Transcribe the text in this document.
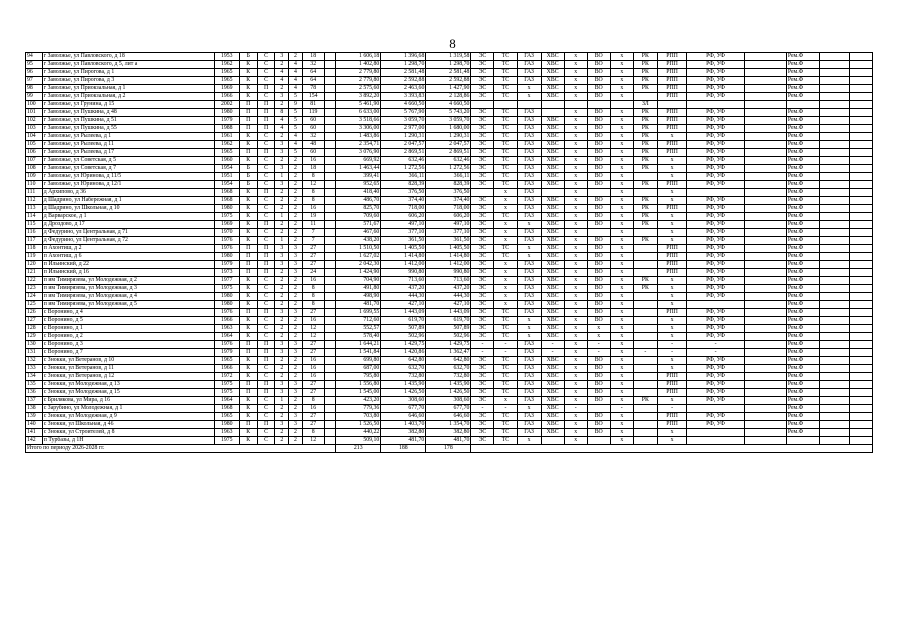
8
94	г Заволжье, ул Павловского, д 18	1953	Б	С	3	2	18		1 606,18	1 396,68	1 319,58	ЭС	ТС	ГАЗ	ХВС	х	ВО	х	РК	РПП	РФ, УФ		Рем.Ф		
95	г Заволжье, ул Павловского, д 5, лит а	1962	К	С	2	4	32		1 402,80	1 298,70	1 298,70	ЭС	ТС	ГАЗ	ХВС	х	ВО	х	РК	РПП	РФ, УФ		Рем.Ф		
96	г Заволжье, ул Пирогова, д 1	1965	К	С	4	4	64		2 779,80	2 581,48	2 581,48	ЭС	ТС	ГАЗ	ХВС	х	ВО	х	РК	РПП	РФ, УФ		Рем.Ф		
97	г Заволжье, ул Пирогова, д 3	1965	К	С	4	4	64		2 779,80	2 592,88	2 592,88	ЭС	ТС	ГАЗ	ХВС	х	ВО	х	РК	РПП	РФ, УФ		Рем.Ф		
98	г Заволжье, ул Приокзальная, д 1	1969	К	П	2	4	78		2 575,60	2 463,60	1 427,90	ЭС	ТС	х	ХВС	х	ВО	х	РК	РПП	РФ, УФ		Рем.Ф		
99	г Заволжье, ул Приокзальная, д 2	1966	К	С	3	5	154		3 892,20	3 393,83	2 128,86	ЭС	ТС	х	ХВС	х	ВО	х		РПП	РФ, УФ		Рем.Ф		
100	г Заволжье, ул Грунина, д 15	2002	П	П	2	9	81		5 461,90	4 660,50	4 660,50								ЗЛ						
101	г Заволжье, ул Пушкина, д 48	1980	П	П	8	5	119		6 633,00	5 767,90	5 743,20	ЭС	ТС	ГАЗ		х	ВО	х	РК	РПП	РФ, УФ		Рем.Ф		
102	г Заволжье, ул Пушкина, д 51	1979	П	П	4	5	60		3 518,66	3 059,70	3 059,70	ЭС	ТС	ГАЗ	ХВС	х	ВО	х	РК	РПП	РФ, УФ		Рем.Ф		
103	г Заволжье, ул Пушкина, д 55	1988	П	П	4	5	60		3 306,00	2 977,00	1 680,00	ЭС	ТС	ГАЗ	ХВС	х	ВО	х	РК	РПП	РФ, УФ		Рем.Ф		
104	г Заволжье, ул Рылеева, д 1	1961	К	С	2	4	32		1 483,86	1 290,31	1 290,31	ЭС	ТС	ГАЗ	ХВС	х	ВО	х	РК	х	РФ, УФ		Рем.Ф		
105	г Заволжье, ул Рылеева, д 11	1962	К	С	3	4	48		2 354,71	2 047,57	2 047,57	ЭС	ТС	ГАЗ	ХВС	х	ВО	х	РК	РПП	РФ, УФ		Рем.Ф		
106	г Заволжье, ул Рылеева, д 17	1965	П	П	3	5	60		3 076,90	2 869,51	2 869,51	ЭС	ТС	ГАЗ	ХВС	х	ВО	х	РК	РПП	РФ, УФ		Рем.Ф		
107	г Заволжье, ул Советская, д 5	1960	К	С	2	2	16		669,92	632,46	632,46	ЭС	ТС	ГАЗ	ХВС	х	ВО	х	РК	х	РФ, УФ		Рем.Ф		
108	г Заволжье, ул Советская, д 7	1954	Б	С	3	2	18		1 463,44	1 272,56	1 272,56	ЭС	ТС	ГАЗ	ХВС	х	ВО	х	РК	х	РФ, УФ		Рем.Ф		
109	г Заволжье, ул Юринова, д 11/5	1951	Б	С	1	2	8		399,41	366,11	366,11	ЭС	ТС	ГАЗ	ХВС	х	ВО	х		х	РФ, УФ		Рем.Ф		
110	г Заволжье, ул Юринова, д 12/1	1954	Б	С	3	2	12		952,65	828,39	828,39	ЭС	ТС	ГАЗ	ХВС	х	ВО	х	РК	РПП	РФ, УФ		Рем.Ф		
111	д Архипово, д 36	1968	К	П	2	2	8		418,40	376,50	376,50		х	ГАЗ		х		х		х			Рем.Ф		
112	д Шадрино, ул Набережная, д 1	1968	К	С	2	2	8		486,70	374,40	374,40	ЭС	х	ГАЗ	ХВС	х	ВО	х	РК	х	РФ, УФ		Рем.Ф		
113	д Шадрино, ул Школьная, д 10	1980	К	С	2	2	16		825,70	718,00	718,00	ЭС	х	ГАЗ	ХВС	х	ВО	х	РК	РПП	РФ, УФ		Рем.Ф		
114	д Варварское, д 1	1975	К	С	1	2	19		709,60	606,20	606,20	ЭС	ТС	ГАЗ	ХВС	х	ВО	х	РК	х	РФ, УФ		Рем.Ф		
115	д Дроздово, д 17	1969	К	П	2	2	11		571,67	497,10	497,10	ЭС	х	х	ХВС	х	ВО	х	РК	х	РФ, УФ		Рем.Ф		
116	д Федурино, ул Центральная, д 71	1970	К	С	2	2	7		467,60	377,10	377,10	ЭС	х	ГАЗ	ХВС	х		х		х	РФ, УФ		Рем.Ф		
117	д Федурино, ул Центральная, д 72	1976	К	С	1	2	7		438,20	361,50	361,50	ЭС	х	ГАЗ	ХВС	х	ВО	х	РК	х	РФ, УФ		Рем.Ф		
118	п Ахонтиш, д 2	1976	П	П	3	3	27		1 510,50	1 405,50	1 405,50	ЭС	ТС	х	ХВС	х	ВО	х		РПП	РФ, УФ		Рем.Ф		
119	п Ахонтиш, д 6	1980	П	П	3	3	27		1 627,02	1 414,80	1 414,80	ЭС	ТС	х	ХВС	х	ВО	х		РПП	РФ, УФ		Рем.Ф		
120	п Ильинский, д 22	1979	П	П	3	3	27		2 042,30	1 412,00	1 412,00	ЭС	х	ГАЗ	ХВС	х	ВО	х		РПП	РФ, УФ		Рем.Ф		
121	п Ильинский, д 16	1973	П	П	2	3	24		1 424,90	990,80	990,80	ЭС	х	ГАЗ	ХВС	х	ВО	х		РПП	РФ, УФ		Рем.Ф		
122	п им Тимирязева, ул Молодежная, д 2	1977	К	С	2	2	16		704,90	713,60	713,60	ЭС	х	ГАЗ	ХВС	х	ВО	х	РК	х	РФ, УФ		Рем.Ф		
123	п им Тимирязева, ул Молодежная, д 3	1975	К	С	2	2	8		491,80	437,20	437,20	ЭС	х	ГАЗ	ХВС	х	ВО	х	РК	х	РФ, УФ		Рем.Ф		
124	п им Тимирязева, ул Молодежная, д 4	1980	К	С	2	2	8		498,90	444,30	444,30	ЭС	х	ГАЗ	ХВС	х	ВО	х		х	РФ, УФ		Рем.Ф		
125	п им Тимирязева, ул Молодежная, д 5	1980	К	С	2	2	8		481,70	427,10	427,10	ЭС	х	ГАЗ	ХВС	х	ВО	х		х			Рем.Ф		
126	с Воронино, д 4	1976	П	П	3	3	27		1 699,55	1 443,09	1 443,09	ЭС	ТС	ГАЗ	ХВС	х	ВО	х		РПП	РФ, УФ		Рем.Ф		
127	с Воронино, д 5	1966	К	С	2	2	16		712,60	619,70	619,70	ЭС	ТС	х	ХВС	х	ВО	х		х	РФ, УФ		Рем.Ф		
128	с Воронино, д 1	1963	К	С	2	2	12		552,57	507,89	507,89	ЭС	ТС	х	ХВС	х	х	х		х	РФ, УФ		Рем.Ф		
129	с Воронино, д 2	1964	К	С	2	2	12		578,40	502,96	502,96	ЭС	ТС	х	ХВС	х	х	х		х	РФ, УФ		Рем.Ф		
130	с Воронино, д 3	1976	П	П	3	3	27		1 644,21	1 429,75	1 429,75	-	-	ГАЗ	-	х	-	х		-	-		Рем.Ф		
131	с Воронино, д 7	1979	П	П	3	3	27		1 541,84	1 420,86	1 362,47	-	-	ГАЗ	-	х	-	х	-	-	-		Рем.Ф		
132	с Знокки, ул Ветеранов, д 10	1965	К	П	2	2	16		699,80	642,80	642,80	ЭС	ТС	ГАЗ	ХВС	х	ВО	х		х	РФ, УФ		Рем.Ф		
133	с Знокки, ул Ветеранов, д 11	1966	К	С	2	2	16		687,00	632,70	632,70	ЭС	ТС	ГАЗ	ХВС	х	ВО	х		х	РФ, УФ		Рем.Ф		
134	с Знокки, ул Ветеранов, д 12	1972	К	С	2	2	16		795,80	732,80	732,80	ЭС	ТС	ГАЗ	ХВС	х	ВО	х		РПП	РФ, УФ		Рем.Ф		
135	с Знокки, ул Молодежная, д 13	1975	П	П	3	3	27		1 556,80	1 435,90	1 435,90	ЭС	ТС	ГАЗ	ХВС	х	ВО	х		РПП	РФ, УФ		Рем.Ф		
136	с Знокки, ул Молодежная, д 15	1975	П	П	3	3	27		1 545,00	1 426,50	1 426,50	ЭС	ТС	ГАЗ	ХВС	х	ВО	х		РПП	РФ, УФ		Рем.Ф		
137	с Брилякова, ул Мира, д 16	1964	К	С	1	2	8		423,20	308,60	308,60	ЭС	х	ГАЗ	ХВС	х	ВО	х	РК	х	РФ, УФ		Рем.Ф		
138	с Зарубино, ул Молодежная, д 1	1968	К	С	2	2	16		779,36	677,70	677,70	-	-	х	ХВС	-		-		-			Рем.Ф		
139	с Знокки, ул Молодежная, д 9	1965	К	С	2	3	27		703,80	646,60	646,60	ЭС	ТС	ГАЗ	ХВС	х	ВО	х		РПП	РФ, УФ		Рем.Ф		
140	с Знокки, ул Школьная, д 46	1980	П	П	3	3	27		1 526,50	1 403,70	1 354,70	ЭС	ТС	ГАЗ	ХВС	х	ВО	х		РПП	РФ, УФ		Рем.Ф		
141	с Знокки, ул Строителей, д 8	1963	К	С	2	2	8		440,22	382,80	382,80	ЭС	ТС	ГАЗ	ХВС	х	ВО	х		х			Рем.Ф		
142	п Турбазы, д 1Н	1975	К	С	2	2	12		509,10	481,70	481,70	ЭС	ТС	х		х		х		х					
Итого по периоду 2026-2028 гг.									213	188	178														
